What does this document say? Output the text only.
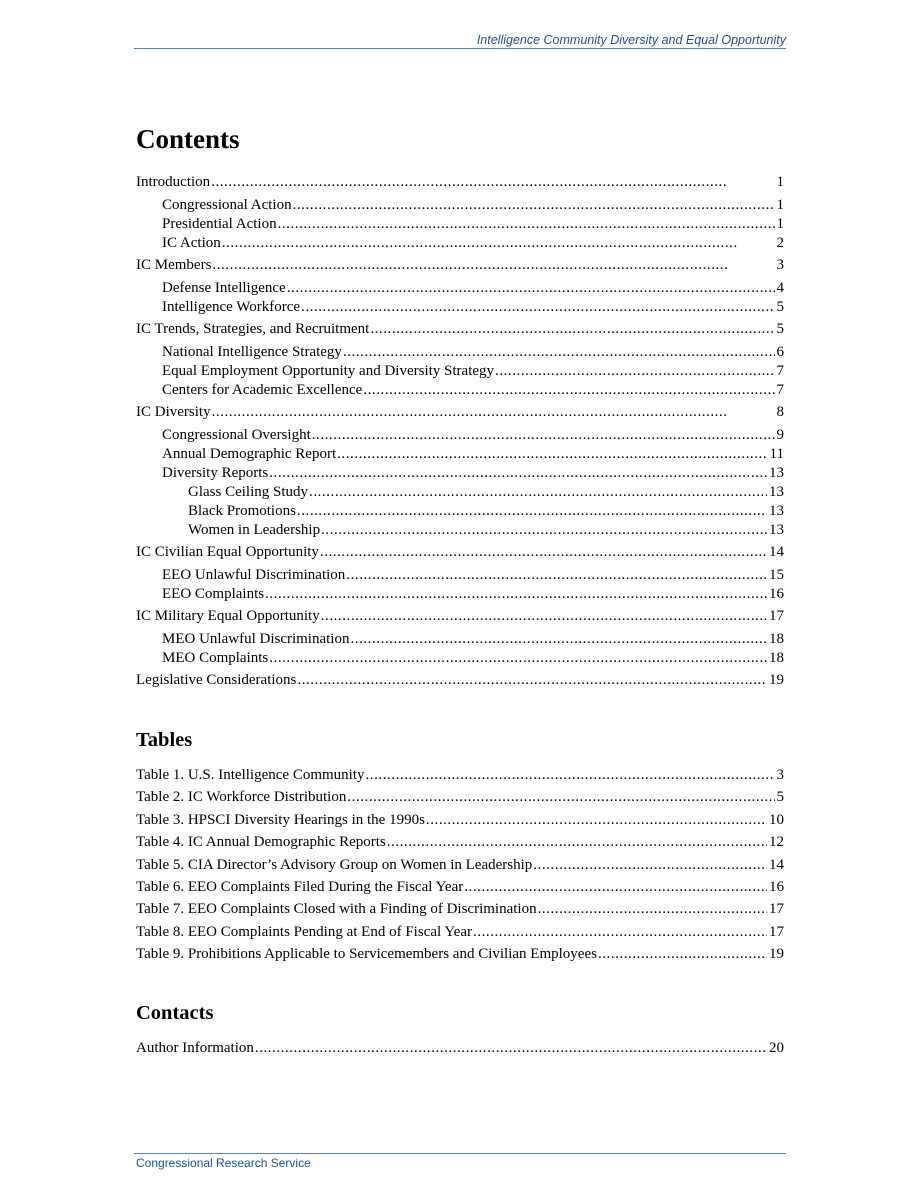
Intelligence Community Diversity and Equal Opportunity
Contents
Introduction . . .	1
Congressional Action . . .	1
Presidential Action . . .	1
IC Action . . .	2
IC Members . . .	3
Defense Intelligence . . .	4
Intelligence Workforce . . .	5
IC Trends, Strategies, and Recruitment . . .	5
National Intelligence Strategy . . .	6
Equal Employment Opportunity and Diversity Strategy . . .	7
Centers for Academic Excellence . . .	7
IC Diversity . . .	8
Congressional Oversight . . .	9
Annual Demographic Report . . .	11
Diversity Reports . . .	13
Glass Ceiling Study . . .	13
Black Promotions . . .	13
Women in Leadership . . .	13
IC Civilian Equal Opportunity . . .	14
EEO Unlawful Discrimination . . .	15
EEO Complaints . . .	16
IC Military Equal Opportunity . . .	17
MEO Unlawful Discrimination . . .	18
MEO Complaints . . .	18
Legislative Considerations . . .	19
Tables
Table 1. U.S. Intelligence Community . . .	3
Table 2. IC Workforce Distribution . . .	5
Table 3. HPSCI Diversity Hearings in the 1990s . . .	10
Table 4. IC Annual Demographic Reports . . .	12
Table 5. CIA Director’s Advisory Group on Women in Leadership . . .	14
Table 6. EEO Complaints Filed During the Fiscal Year . . .	16
Table 7. EEO Complaints Closed with a Finding of Discrimination . . .	17
Table 8. EEO Complaints Pending at End of Fiscal Year . . .	17
Table 9. Prohibitions Applicable to Servicemembers and Civilian Employees . . .	19
Contacts
Author Information . . .	20
Congressional Research Service
